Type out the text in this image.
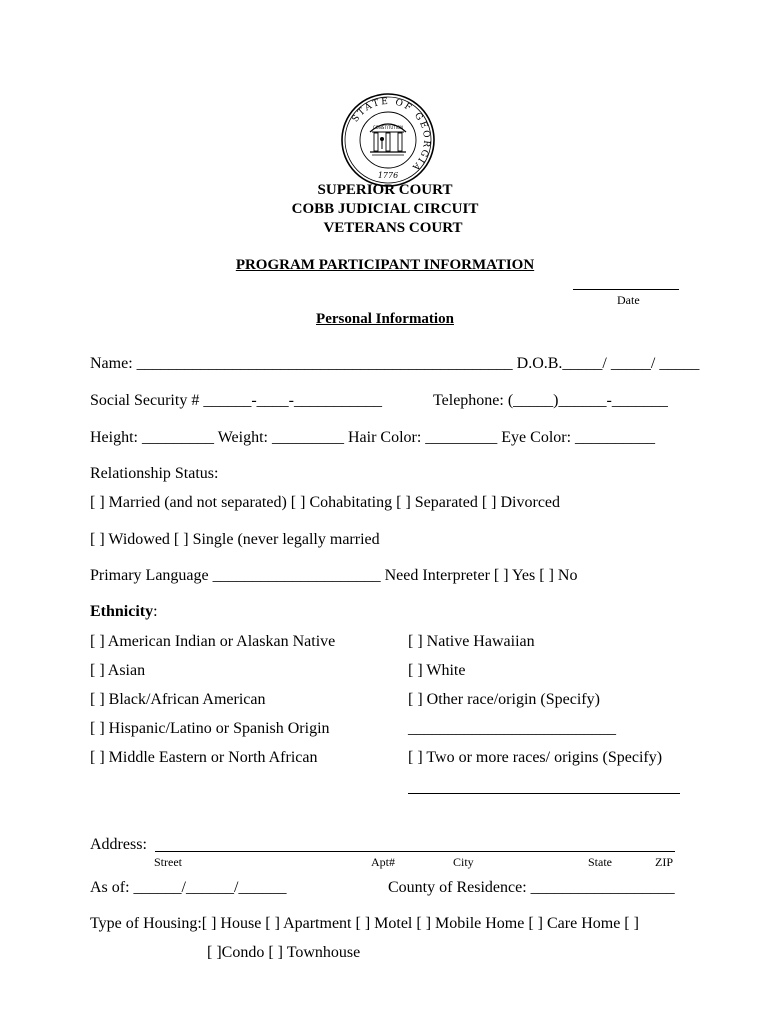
STATE OF GEORGIA
CONSTITUTION
1776
SUPERIOR COURT
COBB JUDICIAL CIRCUIT
VETERANS COURT
PROGRAM PARTICIPANT INFORMATION
Date
Personal Information
Name: _______________________________________________ D.O.B._____/ _____/ _____
Social Security # ______-____-___________	Telephone: (_____)______-_______
Height: _________ Weight: _________ Hair Color: _________ Eye Color: __________
Relationship Status:
[ ] Married (and not separated) [ ] Cohabitating [ ] Separated [ ] Divorced
[ ] Widowed [ ] Single (never legally married
Primary Language _____________________ Need Interpreter [ ] Yes [ ] No
Ethnicity:
[ ] American Indian or Alaskan Native
[ ] Asian
[ ] Black/African American
[ ] Hispanic/Latino or Spanish Origin
[ ] Middle Eastern or North African
[ ] Native Hawaiian
[ ] White
[ ] Other race/origin (Specify)
__________________________
[ ] Two or more races/ origins (Specify)
Address:
Street	Apt#	City	State	ZIP
As of: ______/______/______	County of Residence: __________________
Type of Housing:[ ] House [ ] Apartment [ ] Motel [ ] Mobile Home [ ] Care Home [ ]
[ ]Condo [ ] Townhouse
